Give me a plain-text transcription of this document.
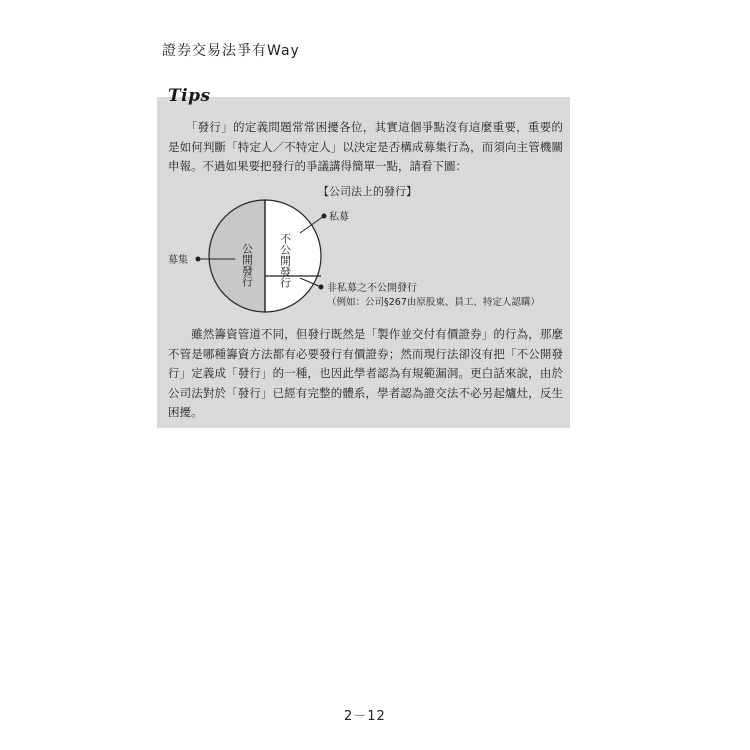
證券交易法爭有Way
Tips

　　「發行」的定義問題常常困擾各位，其實這個爭點沒有這麼重要，重要的是如何判斷「特定人／不特定人」以決定是否構成募集行為，而須向主管機關申報。不過如果要把發行的爭議講得簡單一點，請看下圖：

【公司法上的發行】
公開發行 不公開發行
募集
私募
非私募之不公開發行
（例如：公司§267由原股東、員工、特定人認購）

　　雖然籌資管道不同，但發行既然是「製作並交付有價證券」的行為，那麼不管是哪種籌資方法都有必要發行有價證券；然而現行法卻沒有把「不公開發行」定義成「發行」的一種，也因此學者認為有規範漏洞。更白話來說，由於公司法對於「發行」已經有完整的體系，學者認為證交法不必另起爐灶，反生困擾。

2－12
